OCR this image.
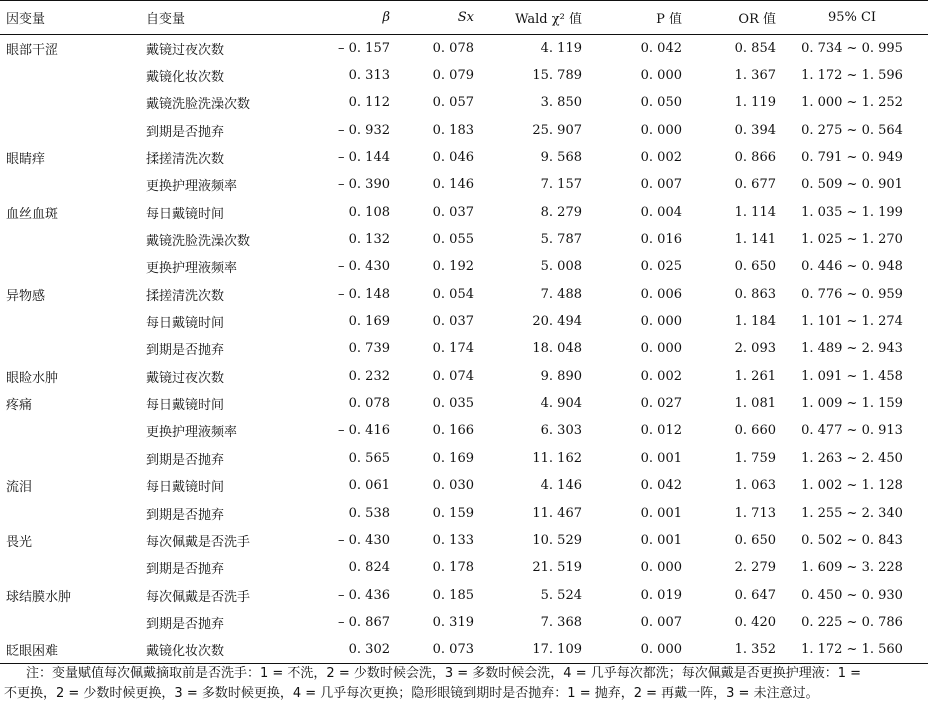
因变量	自变量	β	Sx	Wald χ² 值	P 值	OR 值	95% CI
眼部干涩	戴镜过夜次数	– 0. 157	0. 078	4. 119	0. 042	0. 854	0. 734 ~ 0. 995
	戴镜化妆次数	0. 313	0. 079	15. 789	0. 000	1. 367	1. 172 ~ 1. 596
	戴镜洗脸洗澡次数	0. 112	0. 057	3. 850	0. 050	1. 119	1. 000 ~ 1. 252
	到期是否抛弃	– 0. 932	0. 183	25. 907	0. 000	0. 394	0. 275 ~ 0. 564
眼睛痒	揉搓清洗次数	– 0. 144	0. 046	9. 568	0. 002	0. 866	0. 791 ~ 0. 949
	更换护理液频率	– 0. 390	0. 146	7. 157	0. 007	0. 677	0. 509 ~ 0. 901
血丝血斑	每日戴镜时间	0. 108	0. 037	8. 279	0. 004	1. 114	1. 035 ~ 1. 199
	戴镜洗脸洗澡次数	0. 132	0. 055	5. 787	0. 016	1. 141	1. 025 ~ 1. 270
	更换护理液频率	– 0. 430	0. 192	5. 008	0. 025	0. 650	0. 446 ~ 0. 948
异物感	揉搓清洗次数	– 0. 148	0. 054	7. 488	0. 006	0. 863	0. 776 ~ 0. 959
	每日戴镜时间	0. 169	0. 037	20. 494	0. 000	1. 184	1. 101 ~ 1. 274
	到期是否抛弃	0. 739	0. 174	18. 048	0. 000	2. 093	1. 489 ~ 2. 943
眼睑水肿	戴镜过夜次数	0. 232	0. 074	9. 890	0. 002	1. 261	1. 091 ~ 1. 458
疼痛	每日戴镜时间	0. 078	0. 035	4. 904	0. 027	1. 081	1. 009 ~ 1. 159
	更换护理液频率	– 0. 416	0. 166	6. 303	0. 012	0. 660	0. 477 ~ 0. 913
	到期是否抛弃	0. 565	0. 169	11. 162	0. 001	1. 759	1. 263 ~ 2. 450
流泪	每日戴镜时间	0. 061	0. 030	4. 146	0. 042	1. 063	1. 002 ~ 1. 128
	到期是否抛弃	0. 538	0. 159	11. 467	0. 001	1. 713	1. 255 ~ 2. 340
畏光	每次佩戴是否洗手	– 0. 430	0. 133	10. 529	0. 001	0. 650	0. 502 ~ 0. 843
	到期是否抛弃	0. 824	0. 178	21. 519	0. 000	2. 279	1. 609 ~ 3. 228
球结膜水肿	每次佩戴是否洗手	– 0. 436	0. 185	5. 524	0. 019	0. 647	0. 450 ~ 0. 930
	到期是否抛弃	– 0. 867	0. 319	7. 368	0. 007	0. 420	0. 225 ~ 0. 786
眨眼困难	戴镜化妆次数	0. 302	0. 073	17. 109	0. 000	1. 352	1. 172 ~ 1. 560
注：变量赋值每次佩戴摘取前是否洗手：1 = 不洗，2 = 少数时候会洗，3 = 多数时候会洗，4 = 几乎每次都洗；每次佩戴是否更换护理液：1 =
不更换，2 = 少数时候更换，3 = 多数时候更换，4 = 几乎每次更换；隐形眼镜到期时是否抛弃：1 = 抛弃，2 = 再戴一阵，3 = 未注意过。
